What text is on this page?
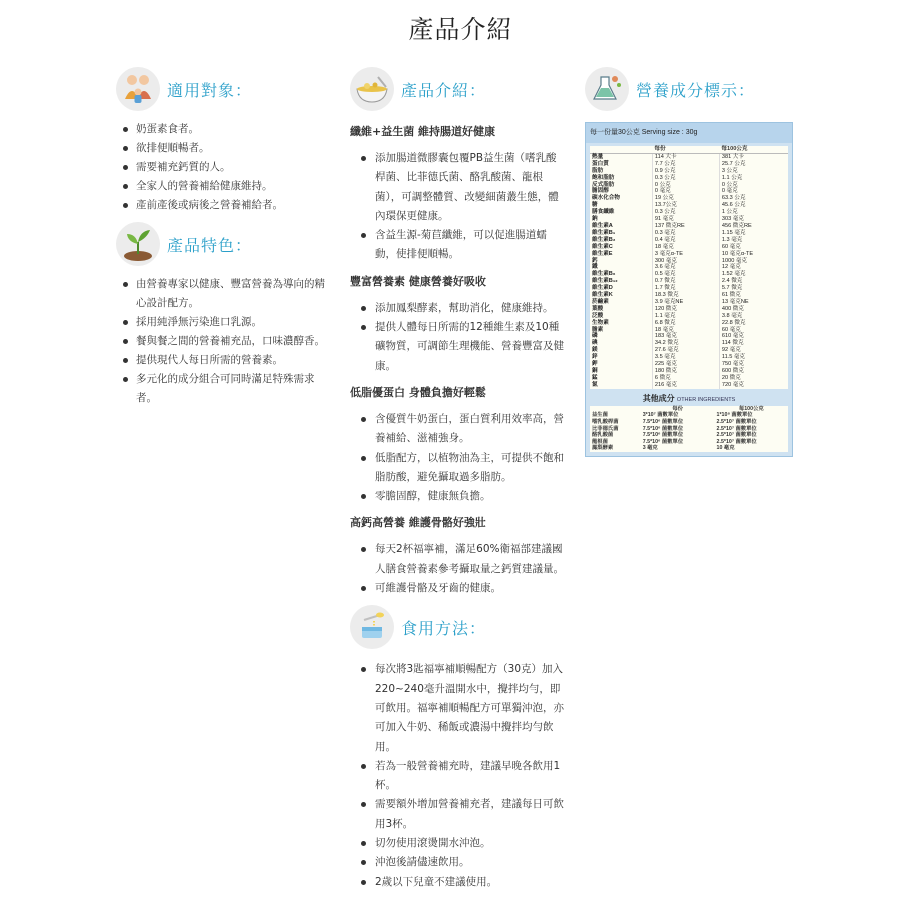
產品介紹
適用對象：
奶蛋素食者。
欲排便順暢者。
需要補充鈣質的人。
全家人的營養補給健康維持。
產前產後或病後之營養補給者。
產品特色：
由營養專家以健康、豐富營養為導向的精心設計配方。
採用純淨無污染進口乳源。
餐與餐之間的營養補充品，口味濃醇香。
提供現代人每日所需的營養素。
多元化的成分組合可同時滿足特殊需求者。
產品介紹：
纖維+益生菌 維持腸道好健康
添加腸道微膠囊包覆PB益生菌（嗜乳酸桿菌、比菲德氏菌、酪乳酸菌、龍根菌），可調整體質、改變細菌叢生態，體內環保更健康。
含益生源-菊苣纖維，可以促進腸道蠕動，使排便順暢。
豐富營養素 健康營養好吸收
添加鳳梨酵素，幫助消化，健康維持。
提供人體每日所需的12種維生素及10種礦物質，可調節生理機能、營養豐富及健康。
低脂優蛋白 身體負擔好輕鬆
含優質牛奶蛋白，蛋白質利用效率高，營養補給、滋補強身。
低脂配方，以植物油為主，可提供不飽和脂肪酸，避免攝取過多脂肪。
零膽固醇，健康無負擔。
高鈣高營養 維護骨骼好強壯
每天2杯福寧補，滿足60%衛福部建議國人膳食營養素參考攝取量之鈣質建議量。
可維護骨骼及牙齒的健康。
食用方法：
每次將3匙福寧補順暢配方（30克）加入220~240毫升溫開水中，攪拌均勻，即可飲用。福寧補順暢配方可單獨沖泡，亦可加入牛奶、稀飯或濃湯中攪拌均勻飲用。
若為一般營養補充時，建議早晚各飲用1杯。
需要額外增加營養補充者，建議每日可飲用3杯。
切勿使用滾燙開水沖泡。
沖泡後請儘速飲用。
2歲以下兒童不建議使用。
營養成分標示：
每一份量30公克 Serving size : 30g
	每份	每100公克
熱量	114 大卡	381 大卡
蛋白質	7.7 公克	25.7 公克
脂肪	0.9 公克	3 公克
飽和脂肪	0.3 公克	1.1 公克
反式脂肪	0 公克	0 公克
膽固醇	0 毫克	0 毫克
碳水化合物	19 公克	63.3 公克
糖	13.7公克	45.6 公克
膳食纖維	0.3 公克	1 公克
鈉	91 毫克	303 毫克
維生素A	137 微克RE	456 微克RE
維生素B₁	0.3 毫克	1.15 毫克
維生素B₂	0.4 毫克	1.3 毫克
維生素C	18 毫克	60 毫克
維生素E	3 毫克α-TE	10 毫克α-TE
鈣	300 毫克	1000 毫克
鐵	3.6 毫克	12 毫克
維生素B₆	0.5 毫克	1.52 毫克
維生素B₁₂	0.7 微克	2.4 微克
維生素D	1.7 微克	5.7 微克
維生素K	18.3 微克	61 微克
菸鹼素	3.9 毫克NE	13 毫克NE
葉酸	120 微克	400 微克
泛酸	1.1 毫克	3.8 毫克
生物素	6.8 微克	22.8 微克
膽素	18 毫克	60 毫克
磷	183 毫克	610 毫克
碘	34.2 微克	114 微克
鎂	27.6 毫克	92 毫克
鋅	3.5 毫克	11.5 毫克
鉀	225 毫克	750 毫克
銅	180 微克	600 微克
錳	6 微克	20 微克
氯	216 毫克	720 毫克
其他成分 OTHER INGREDIENTS
	每份	每100公克
益生菌	3*10⁷ 菌數單位	1*10⁸ 菌數單位
嗜乳酸桿菌	7.5*10⁶ 菌數單位	2.5*10⁷ 菌數單位
比菲德氏菌	7.5*10⁶ 菌數單位	2.5*10⁷ 菌數單位
酪乳酸菌	7.5*10⁶ 菌數單位	2.5*10⁷ 菌數單位
龍根菌	7.5*10⁶ 菌數單位	2.5*10⁷ 菌數單位
鳳梨酵素	3 毫克	10 毫克
